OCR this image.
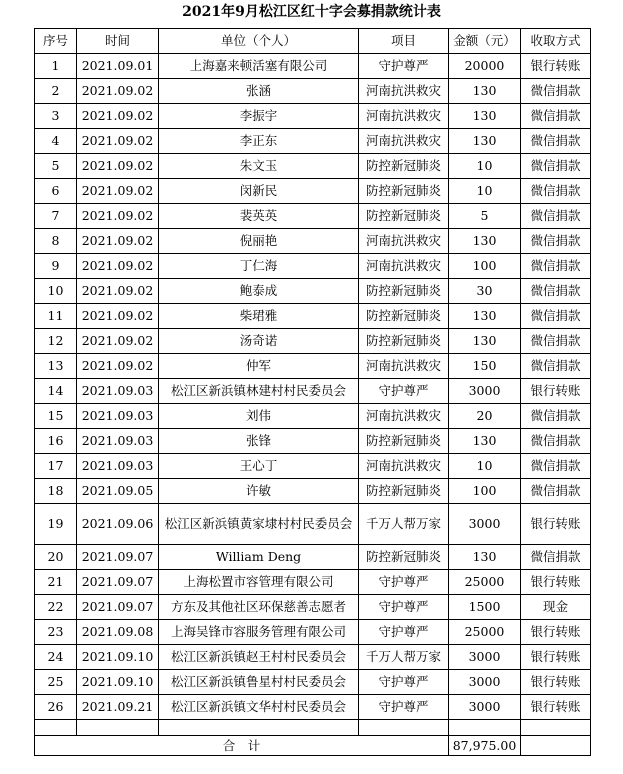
2021年9月松江区红十字会募捐款统计表
序号	时间	单位（个人）	项目	金额（元）	收取方式
1	2021.09.01	上海嘉来顿活塞有限公司	守护尊严	20000	银行转账
2	2021.09.02	张涵	河南抗洪救灾	130	微信捐款
3	2021.09.02	李振宇	河南抗洪救灾	130	微信捐款
4	2021.09.02	李正东	河南抗洪救灾	130	微信捐款
5	2021.09.02	朱文玉	防控新冠肺炎	10	微信捐款
6	2021.09.02	闵新民	防控新冠肺炎	10	微信捐款
7	2021.09.02	裴英英	防控新冠肺炎	5	微信捐款
8	2021.09.02	倪丽艳	河南抗洪救灾	130	微信捐款
9	2021.09.02	丁仁海	河南抗洪救灾	100	微信捐款
10	2021.09.02	鲍泰成	防控新冠肺炎	30	微信捐款
11	2021.09.02	柴珺雅	防控新冠肺炎	130	微信捐款
12	2021.09.02	汤奇诺	防控新冠肺炎	130	微信捐款
13	2021.09.02	仲军	河南抗洪救灾	150	微信捐款
14	2021.09.03	松江区新浜镇林建村村民委员会	守护尊严	3000	银行转账
15	2021.09.03	刘伟	河南抗洪救灾	20	微信捐款
16	2021.09.03	张锋	防控新冠肺炎	130	微信捐款
17	2021.09.03	王心丁	河南抗洪救灾	10	微信捐款
18	2021.09.05	许敏	防控新冠肺炎	100	微信捐款
19	2021.09.06	松江区新浜镇黄家埭村村民委员会	千万人帮万家	3000	银行转账
20	2021.09.07	William Deng	防控新冠肺炎	130	微信捐款
21	2021.09.07	上海松置市容管理有限公司	守护尊严	25000	银行转账
22	2021.09.07	方东及其他社区环保慈善志愿者	守护尊严	1500	现金
23	2021.09.08	上海吴锋市容服务管理有限公司	守护尊严	25000	银行转账
24	2021.09.10	松江区新浜镇赵王村村民委员会	千万人帮万家	3000	银行转账
25	2021.09.10	松江区新浜镇鲁星村村民委员会	守护尊严	3000	银行转账
26	2021.09.21	松江区新浜镇文华村村民委员会	守护尊严	3000	银行转账

合　计				87,975.00	
